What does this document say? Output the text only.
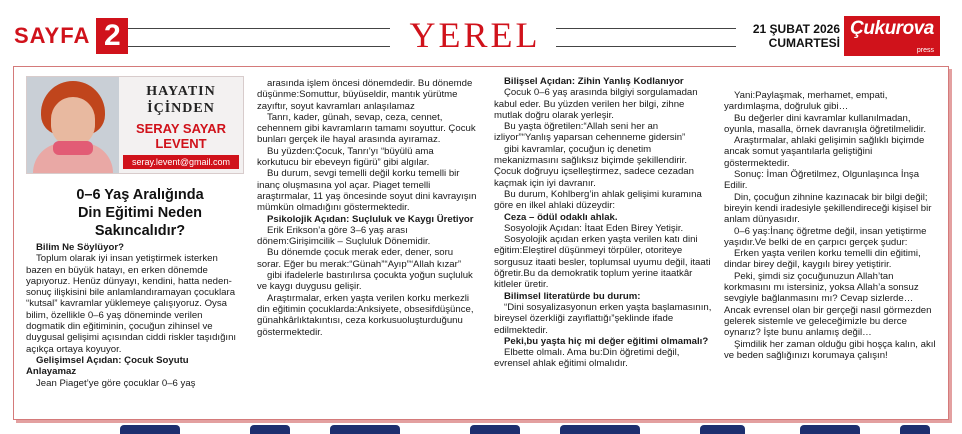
SAYFA 2	YEREL	21 ŞUBAT 2026
CUMARTESİ
Çukurova
press
HAYATIN
İÇİNDEN
SERAY SAYAR
LEVENT
seray.levent@gmail.com
0–6 Yaş Aralığında
Din Eğitimi Neden Sakıncalıdır?

Bilim Ne Söylüyor?

Toplum olarak iyi insan yetiştirmek isterken bazen en büyük hatayı, en erken dönemde yapıyoruz. Henüz dünyayı, kendini, hatta neden-sonuç ilişkisini bile anlamlandıramayan çocuklara “kutsal” kavramlar yüklemeye çalışıyoruz. Oysa bilim, özellikle 0–6 yaş döneminde verilen dogmatik din eğitiminin, çocuğun zihinsel ve duygusal gelişimi açısından ciddi riskler taşıdığını açıkça ortaya koyuyor.

Gelişimsel Açıdan: Çocuk Soyutu Anlayamaz

Jean Piaget’ye göre çocuklar 0–6 yaş

arasında işlem öncesi dönemdedir. Bu dönemde düşünme:Somuttur, büyüseldir, mantık yürütme zayıftır, soyut kavramları anlaşılamaz

Tanrı, kader, günah, sevap, ceza, cennet, cehennem gibi kavramların tamamı soyuttur. Çocuk bunları gerçek ile hayal arasında ayıramaz.

Bu yüzden:Çocuk, Tanrı’yı “büyülü ama korkutucu bir ebeveyn figürü” gibi algılar.

Bu durum, sevgi temelli değil korku temelli bir inanç oluşmasına yol açar. Piaget temelli araştırmalar, 11 yaş öncesinde soyut dini kavrayışın mümkün olmadığını göstermektedir.

Psikolojik Açıdan: Suçluluk ve Kaygı Üretiyor

Erik Erikson’a göre 3–6 yaş arası dönem:Girişimcilik – Suçluluk Dönemidir.

Bu dönemde çocuk merak eder, dener, soru sorar. Eğer bu merak:“Günah”“Ayıp”“Allah kızar”

gibi ifadelerle bastırılırsa çocukta yoğun suçluluk ve kaygı duygusu gelişir.

Araştırmalar, erken yaşta verilen korku merkezli din eğitimin çocuklarda:Anksiyete, obsesifdüşünce, günahkârlıktakıntısı, ceza korkusuoluşturduğunu göstermektedir.

Bilişsel Açıdan: Zihin Yanlış Kodlanıyor

Çocuk 0–6 yaş arasında bilgiyi sorgulamadan kabul eder. Bu yüzden verilen her bilgi, zihne mutlak doğru olarak yerleşir.

Bu yaşta öğretilen:“Allah seni her an izliyor”“Yanlış yaparsan cehenneme gidersin”

gibi kavramlar, çocuğun iç denetim mekanizmasını sağlıksız biçimde şekillendirir. Çocuk doğruyu içselleştirmez, sadece cezadan kaçmak için iyi davranır.

Bu durum, Kohlberg’in ahlak gelişimi kuramına göre en ilkel ahlaki düzeydir:

Ceza – ödül odaklı ahlak.

Sosyolojik Açıdan: İtaat Eden Birey Yetişir.

Sosyolojik açıdan erken yaşta verilen katı dini eğitim:Eleştirel düşünmeyi törpüler, otoriteye sorgusuz itaati besler, toplumsal uyumu değil, itaati öğretir.Bu da demokratik toplum yerine itaatkâr kitleler üretir.

Bilimsel literatürde bu durum:

“Dini sosyalizasyonun erken yaşta başlamasının, bireysel özerkliği zayıflattığı”şeklinde ifade edilmektedir.

Peki,bu yaşta hiç mi değer eğitimi olmamalı?

Elbette olmalı. Ama bu:Din öğretimi değil, evrensel ahlak eğitimi olmalıdır.

Yani:Paylaşmak, merhamet, empati, yardımlaşma, doğruluk gibi…

Bu değerler dini kavramlar kullanılmadan, oyunla, masalla, örnek davranışla öğretilmelidir.

Araştırmalar, ahlaki gelişimin sağlıklı biçimde ancak somut yaşantılarla geliştiğini göstermektedir.

Sonuç: İman Öğretilmez, Olgunlaşınca İnşa Edilir.

Din, çocuğun zihnine kazınacak bir bilgi değil; bireyin kendi iradesiyle şekillendireceği kişisel bir anlam dünyasıdır.

0–6 yaş:İnanç öğretme değil, insan yetiştirme yaşıdır.Ve belki de en çarpıcı gerçek şudur:

Erken yaşta verilen korku temelli din eğitimi, dindar birey değil, kaygılı birey yetiştirir.

Peki, şimdi siz çocuğunuzun Allah’tan korkmasını mı istersiniz, yoksa Allah’a sonsuz sevgiyle bağlanmasını mı? Cevap sizlerde… Ancak evrensel olan bir gerçeği nasıl görmezden gelerek sistemle ve geleceğimizle bu derce oynarız? İşte bunu anlamış değil…

Şimdilik her zaman olduğu gibi hoşça kalın, akıl ve beden sağlığınızı korumaya çalışın!
